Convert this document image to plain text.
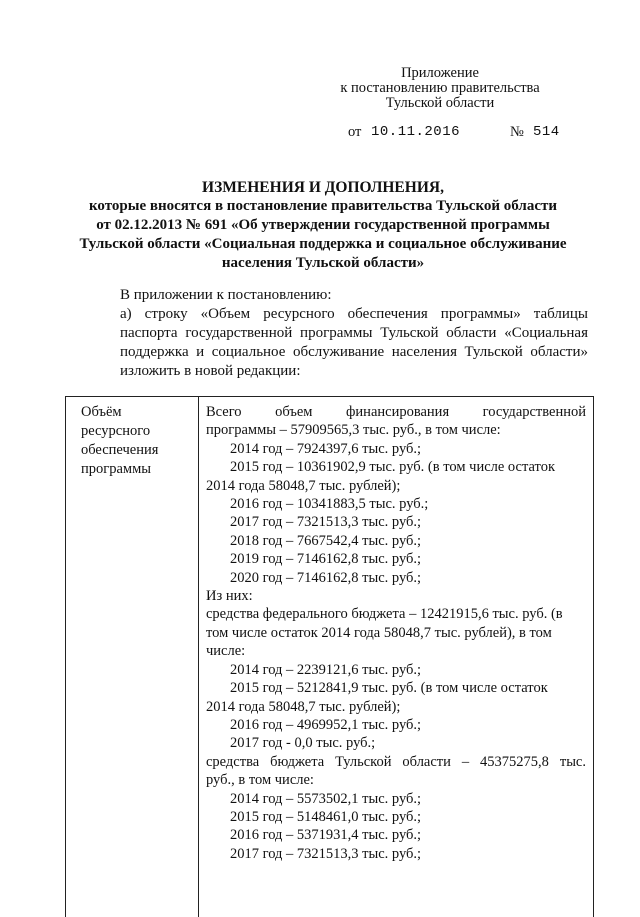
Приложение
к постановлению правительства
Тульской области
от 10.11.2016	№ 514
ИЗМЕНЕНИЯ И ДОПОЛНЕНИЯ,
которые вносятся в постановление правительства Тульской области
от 02.12.2013 № 691 «Об утверждении государственной программы
Тульской области «Социальная поддержка и социальное обслуживание
населения Тульской области»
В приложении к постановлению:
а) строку «Объем ресурсного обеспечения программы» таблицы
паспорта государственной программы Тульской области «Социальная
поддержка и социальное обслуживание населения Тульской области»
изложить в новой редакции:
Объём
ресурсного
обеспечения
программы
Всего объем финансирования государственной
программы – 57909565,3 тыс. руб., в том числе:
2014 год – 7924397,6 тыс. руб.;
2015 год – 10361902,9 тыс. руб. (в том числе остаток
2014 года 58048,7 тыс. рублей);
2016 год – 10341883,5 тыс. руб.;
2017 год – 7321513,3 тыс. руб.;
2018 год – 7667542,4 тыс. руб.;
2019 год – 7146162,8 тыс. руб.;
2020 год – 7146162,8 тыс. руб.;
Из них:
средства федерального бюджета – 12421915,6 тыс. руб. (в
том числе остаток 2014 года 58048,7 тыс. рублей), в том
числе:
2014 год – 2239121,6 тыс. руб.;
2015 год – 5212841,9 тыс. руб. (в том числе остаток
2014 года 58048,7 тыс. рублей);
2016 год – 4969952,1 тыс. руб.;
2017 год - 0,0 тыс. руб.;
средства бюджета Тульской области – 45375275,8 тыс.
руб., в том числе:
2014 год – 5573502,1 тыс. руб.;
2015 год – 5148461,0 тыс. руб.;
2016 год – 5371931,4 тыс. руб.;
2017 год – 7321513,3 тыс. руб.;
